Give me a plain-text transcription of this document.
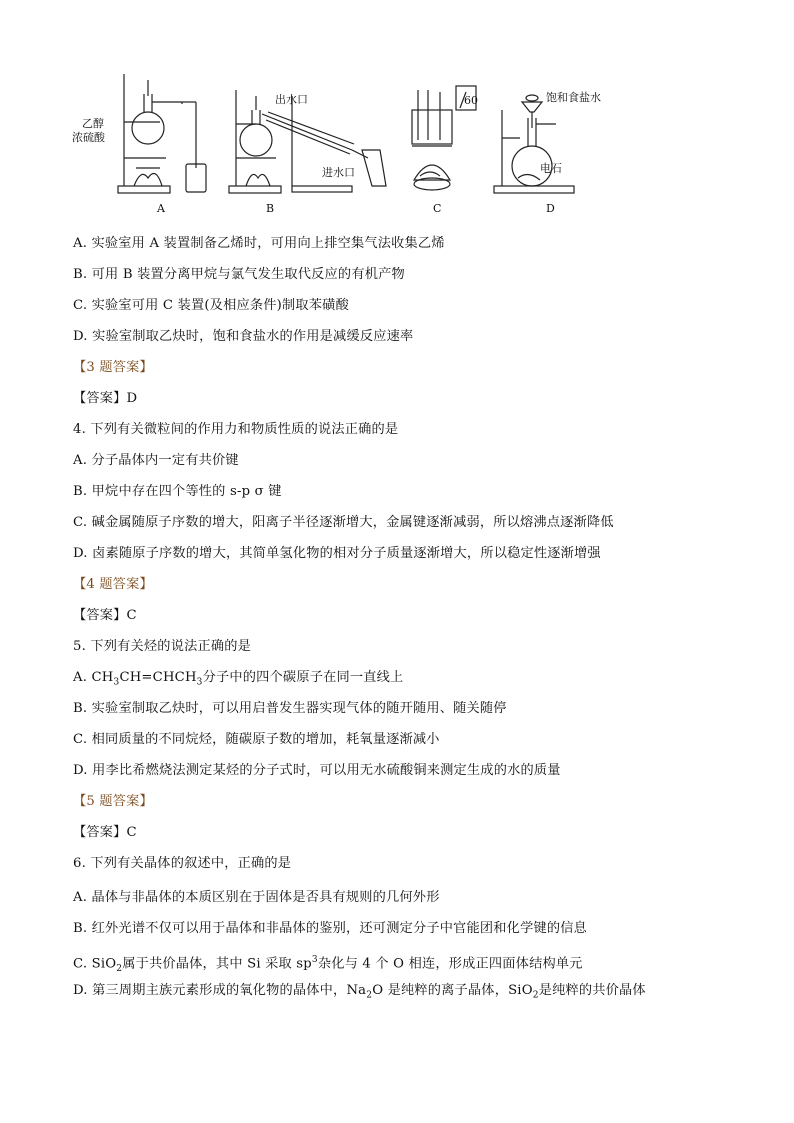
乙醇
浓硫酸
出水口
进水口
60	饱和食盐水
电石
A	B	C	D
A. 实验室用 A 装置制备乙烯时，可用向上排空集气法收集乙烯
B. 可用 B 装置分离甲烷与氯气发生取代反应的有机产物
C. 实验室可用 C 装置(及相应条件)制取苯磺酸
D. 实验室制取乙炔时，饱和食盐水的作用是减缓反应速率
【3 题答案】
【答案】D
4. 下列有关微粒间的作用力和物质性质的说法正确的是
A. 分子晶体内一定有共价键
B. 甲烷中存在四个等性的 s-p σ 键
C. 碱金属随原子序数的增大，阳离子半径逐渐增大，金属键逐渐减弱，所以熔沸点逐渐降低
D. 卤素随原子序数的增大，其简单氢化物的相对分子质量逐渐增大，所以稳定性逐渐增强
【4 题答案】
【答案】C
5. 下列有关烃的说法正确的是
A. $CH_3CH=CHCH_3$分子中的四个碳原子在同一直线上
B. 实验室制取乙炔时，可以用启普发生器实现气体的随开随用、随关随停
C. 相同质量的不同烷烃，随碳原子数的增加，耗氧量逐渐减小
D. 用李比希燃烧法测定某烃的分子式时，可以用无水硫酸铜来测定生成的水的质量
【5 题答案】
【答案】C
6. 下列有关晶体的叙述中，正确的是
A. 晶体与非晶体的本质区别在于固体是否具有规则的几何外形
B. 红外光谱不仅可以用于晶体和非晶体的鉴别，还可测定分子中官能团和化学键的信息
C. SiO$_2$属于共价晶体，其中 Si 采取 $sp^3$杂化与 4 个 O 相连，形成正四面体结构单元
D. 第三周期主族元素形成的氧化物的晶体中，$Na_2O$ 是纯粹的离子晶体，SiO$_2$是纯粹的共价晶体
